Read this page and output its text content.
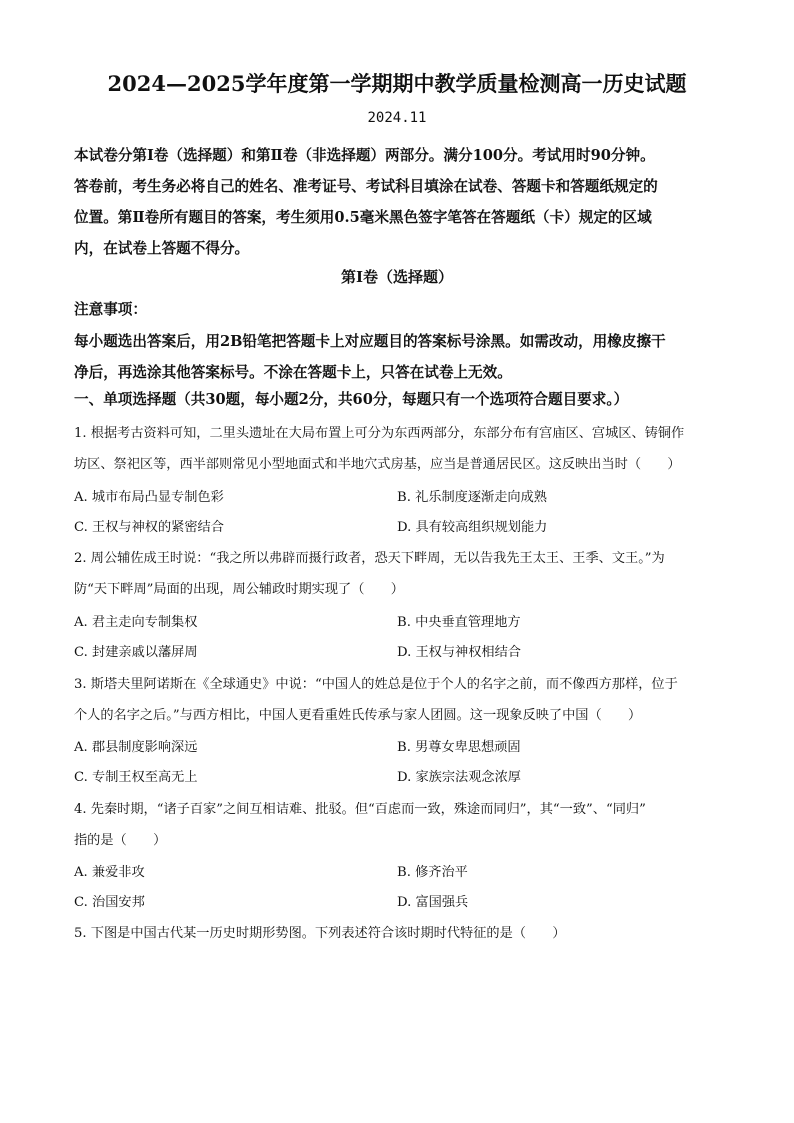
2024—2025学年度第一学期期中教学质量检测高一历史试题
2024.11
本试卷分第Ⅰ卷（选择题）和第Ⅱ卷（非选择题）两部分。满分100分。考试用时90分钟。
答卷前，考生务必将自己的姓名、准考证号、考试科目填涂在试卷、答题卡和答题纸规定的
位置。第Ⅱ卷所有题目的答案，考生须用0.5毫米黑色签字笔答在答题纸（卡）规定的区域
内，在试卷上答题不得分。
第Ⅰ卷（选择题）
注意事项：
每小题选出答案后，用2B铅笔把答题卡上对应题目的答案标号涂黑。如需改动，用橡皮擦干
净后，再选涂其他答案标号。不涂在答题卡上，只答在试卷上无效。
一、单项选择题（共30题，每小题2分，共60分，每题只有一个选项符合题目要求。）
1. 根据考古资料可知，二里头遗址在大局布置上可分为东西两部分，东部分布有宫庙区、宫城区、铸铜作
坊区、祭祀区等，西半部则常见小型地面式和半地穴式房基，应当是普通居民区。这反映出当时（　　）
A. 城市布局凸显专制色彩	B. 礼乐制度逐渐走向成熟
C. 王权与神权的紧密结合	D. 具有较高组织规划能力
2. 周公辅佐成王时说：“我之所以弗辟而摄行政者，恐天下畔周，无以告我先王太王、王季、文王。”为
防“天下畔周”局面的出现，周公辅政时期实现了（　　）
A. 君主走向专制集权	B. 中央垂直管理地方
C. 封建亲戚以藩屏周	D. 王权与神权相结合
3. 斯塔夫里阿诺斯在《全球通史》中说：“中国人的姓总是位于个人的名字之前，而不像西方那样，位于
个人的名字之后。”与西方相比，中国人更看重姓氏传承与家人团圆。这一现象反映了中国（　　）
A. 郡县制度影响深远	B. 男尊女卑思想顽固
C. 专制王权至高无上	D. 家族宗法观念浓厚
4. 先秦时期，“诸子百家”之间互相诘难、批驳。但“百虑而一致，殊途而同归”，其“一致”、“同归”
指的是（　　）
A. 兼爱非攻	B. 修齐治平
C. 治国安邦	D. 富国强兵
5. 下图是中国古代某一历史时期形势图。下列表述符合该时期时代特征的是（　　）
